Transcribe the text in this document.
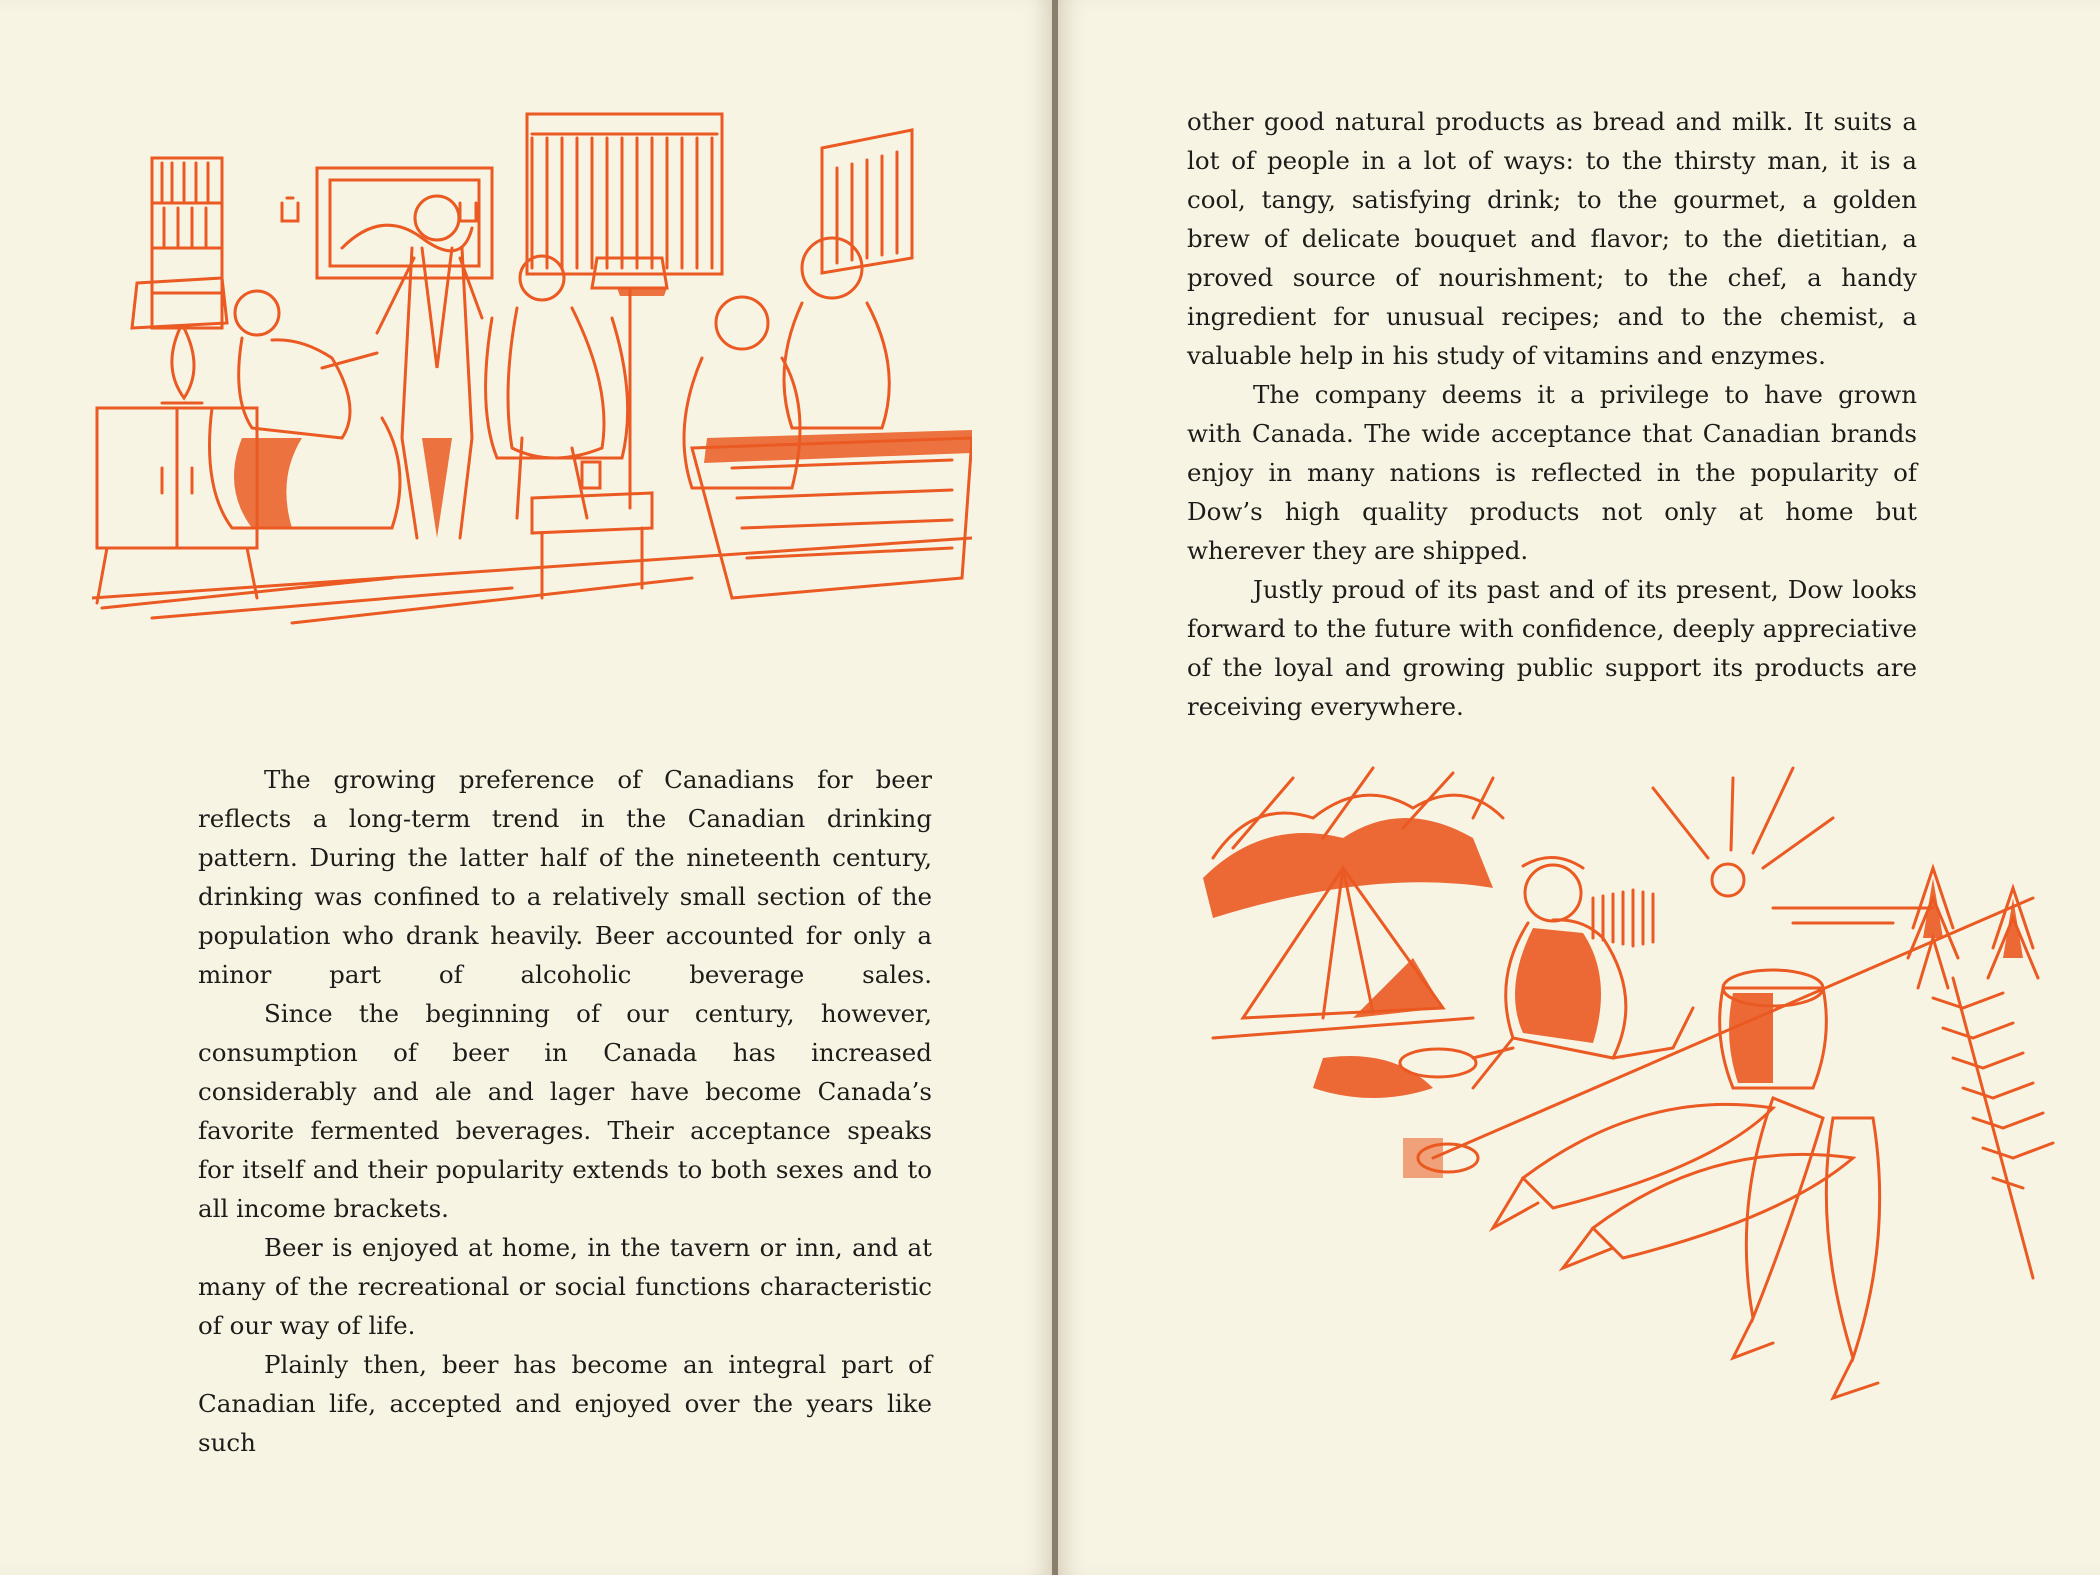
The growing preference of Canadians for beer reflects a long-term trend in the Canadian drinking pattern. During the latter half of the nineteenth century, drinking was confined to a relatively small section of the population who drank heavily. Beer accounted for only a minor part of alcoholic beverage sales.

Since the beginning of our century, however, consumption of beer in Canada has increased considerably and ale and lager have become Canada’s favorite fermented beverages. Their acceptance speaks for itself and their popularity extends to both sexes and to all income brackets.

Beer is enjoyed at home, in the tavern or inn, and at many of the recreational or social functions characteristic of our way of life.

Plainly then, beer has become an integral part of Canadian life, accepted and enjoyed over the years like such

other good natural products as bread and milk. It suits a lot of people in a lot of ways: to the thirsty man, it is a cool, tangy, satisfying drink; to the gourmet, a golden brew of delicate bouquet and flavor; to the dietitian, a proved source of nourishment; to the chef, a handy ingredient for unusual recipes; and to the chemist, a valuable help in his study of vitamins and enzymes.

The company deems it a privilege to have grown with Canada. The wide acceptance that Canadian brands enjoy in many nations is reflected in the popularity of Dow’s high quality products not only at home but wherever they are shipped.

Justly proud of its past and of its present, Dow looks forward to the future with confidence, deeply appreciative of the loyal and growing public support its products are receiving everywhere.
